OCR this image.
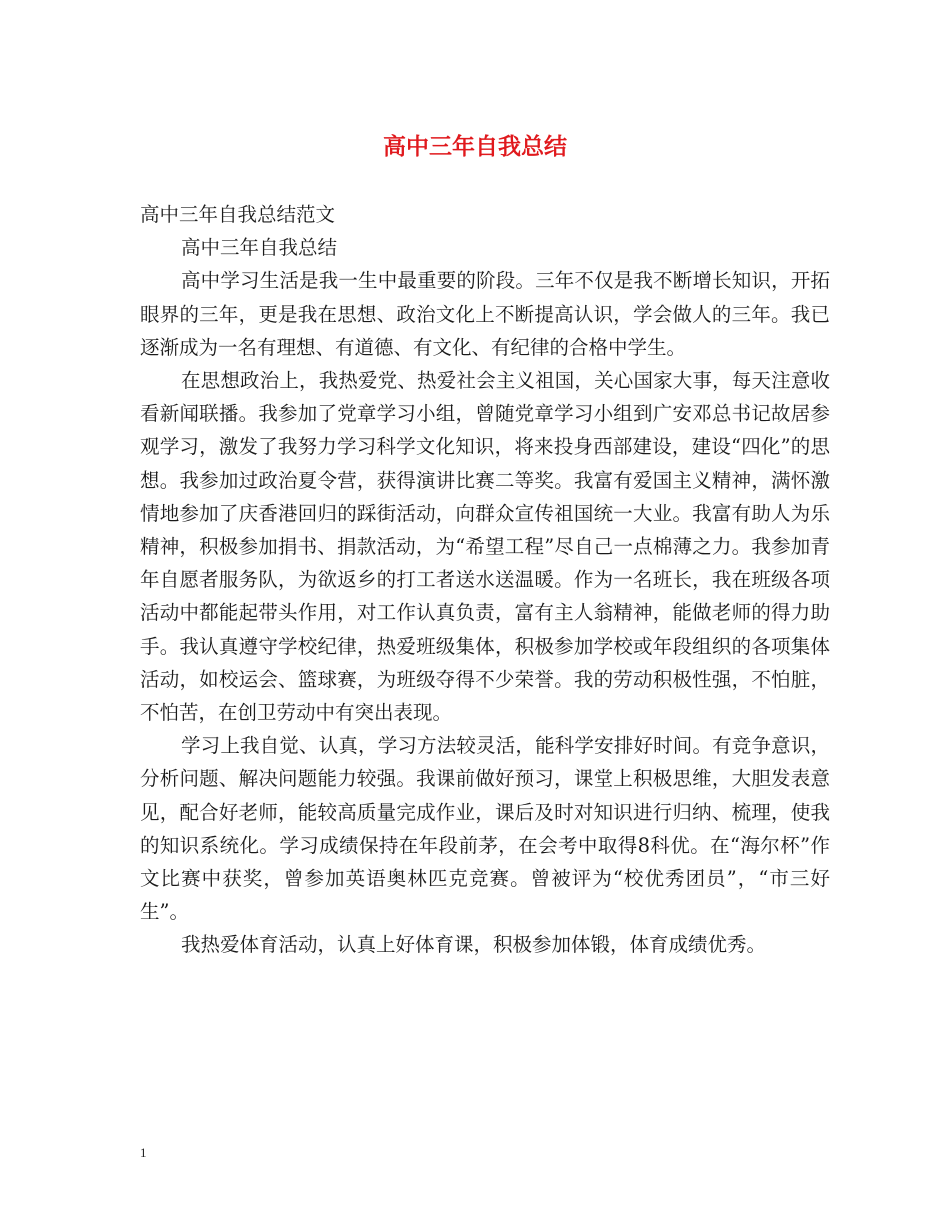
高中三年自我总结

高中三年自我总结范文

高中三年自我总结

高中学习生活是我一生中最重要的阶段。三年不仅是我不断增长知识，开拓眼界的三年，更是我在思想、政治文化上不断提高认识，学会做人的三年。我已逐渐成为一名有理想、有道德、有文化、有纪律的合格中学生。

在思想政治上，我热爱党、热爱社会主义祖国，关心国家大事，每天注意收看新闻联播。我参加了党章学习小组，曾随党章学习小组到广安邓总书记故居参观学习，激发了我努力学习科学文化知识，将来投身西部建设，建设“四化”的思想。我参加过政治夏令营，获得演讲比赛二等奖。我富有爱国主义精神，满怀激情地参加了庆香港回归的踩街活动，向群众宣传祖国统一大业。我富有助人为乐精神，积极参加捐书、捐款活动，为“希望工程”尽自己一点棉薄之力。我参加青年自愿者服务队，为欲返乡的打工者送水送温暖。作为一名班长，我在班级各项活动中都能起带头作用，对工作认真负责，富有主人翁精神，能做老师的得力助手。我认真遵守学校纪律，热爱班级集体，积极参加学校或年段组织的各项集体活动，如校运会、篮球赛，为班级夺得不少荣誉。我的劳动积极性强，不怕脏，不怕苦，在创卫劳动中有突出表现。

学习上我自觉、认真，学习方法较灵活，能科学安排好时间。有竞争意识，分析问题、解决问题能力较强。我课前做好预习，课堂上积极思维，大胆发表意见，配合好老师，能较高质量完成作业，课后及时对知识进行归纳、梳理，使我的知识系统化。学习成绩保持在年段前茅，在会考中取得8科优。在“海尔杯”作文比赛中获奖，曾参加英语奥林匹克竞赛。曾被评为“校优秀团员”，“市三好生”。

我热爱体育活动，认真上好体育课，积极参加体锻，体育成绩优秀。

1
